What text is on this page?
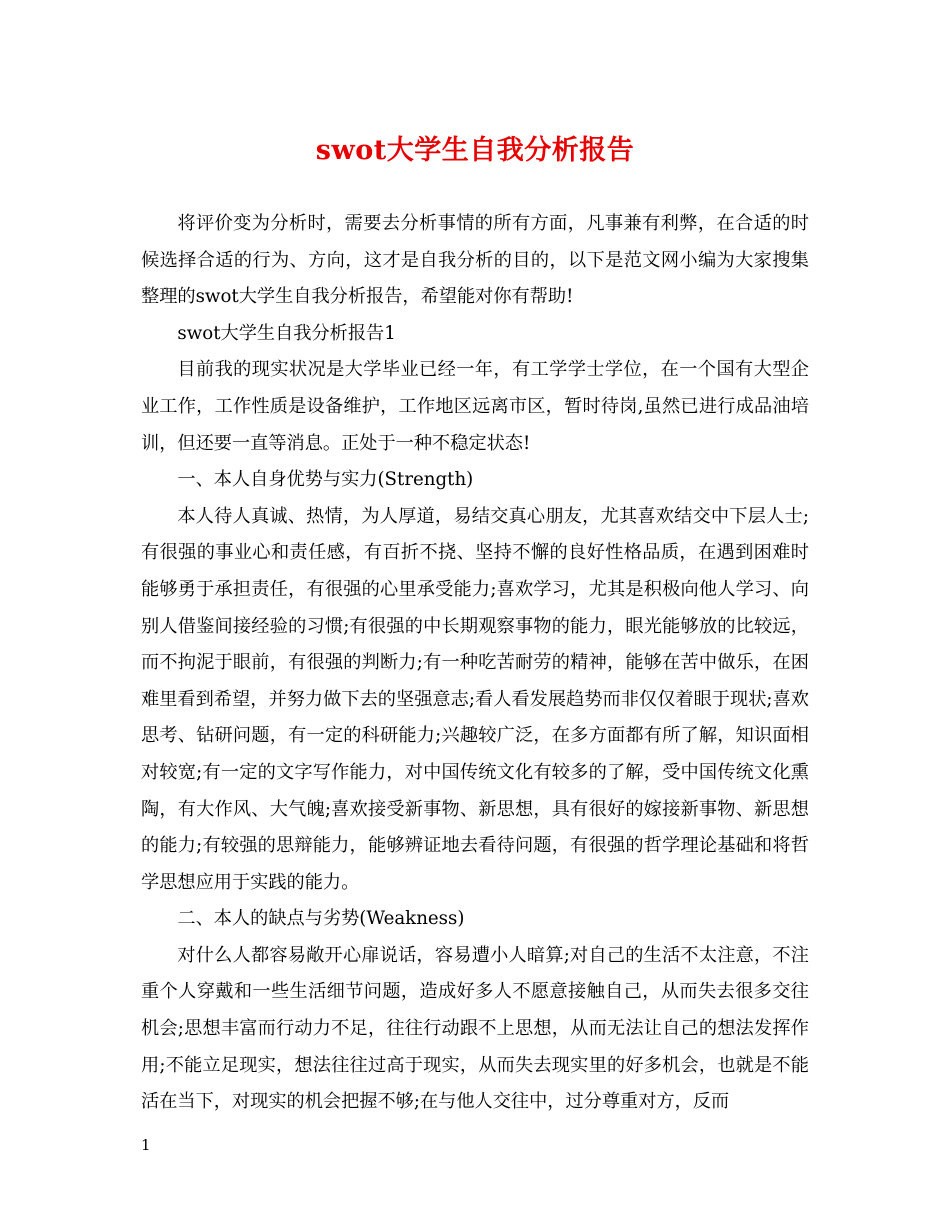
swot大学生自我分析报告

将评价变为分析时，需要去分析事情的所有方面，凡事兼有利弊，在合适的时候选择合适的行为、方向，这才是自我分析的目的，以下是范文网小编为大家搜集整理的swot大学生自我分析报告，希望能对你有帮助!

swot大学生自我分析报告1

目前我的现实状况是大学毕业已经一年，有工学学士学位，在一个国有大型企业工作，工作性质是设备维护，工作地区远离市区，暂时待岗,虽然已进行成品油培训，但还要一直等消息。正处于一种不稳定状态!

一、本人自身优势与实力(Strength)

本人待人真诚、热情，为人厚道，易结交真心朋友，尤其喜欢结交中下层人士;有很强的事业心和责任感，有百折不挠、坚持不懈的良好性格品质，在遇到困难时能够勇于承担责任，有很强的心里承受能力;喜欢学习，尤其是积极向他人学习、向别人借鉴间接经验的习惯;有很强的中长期观察事物的能力，眼光能够放的比较远，而不拘泥于眼前，有很强的判断力;有一种吃苦耐劳的精神，能够在苦中做乐，在困难里看到希望，并努力做下去的坚强意志;看人看发展趋势而非仅仅着眼于现状;喜欢思考、钻研问题，有一定的科研能力;兴趣较广泛，在多方面都有所了解，知识面相对较宽;有一定的文字写作能力，对中国传统文化有较多的了解，受中国传统文化熏陶，有大作风、大气魄;喜欢接受新事物、新思想，具有很好的嫁接新事物、新思想的能力;有较强的思辩能力，能够辨证地去看待问题，有很强的哲学理论基础和将哲学思想应用于实践的能力。

二、本人的缺点与劣势(Weakness)

对什么人都容易敞开心扉说话，容易遭小人暗算;对自己的生活不太注意，不注重个人穿戴和一些生活细节问题，造成好多人不愿意接触自己，从而失去很多交往机会;思想丰富而行动力不足，往往行动跟不上思想，从而无法让自己的想法发挥作用;不能立足现实，想法往往过高于现实，从而失去现实里的好多机会，也就是不能活在当下，对现实的机会把握不够;在与他人交往中，过分尊重对方，反而

1
